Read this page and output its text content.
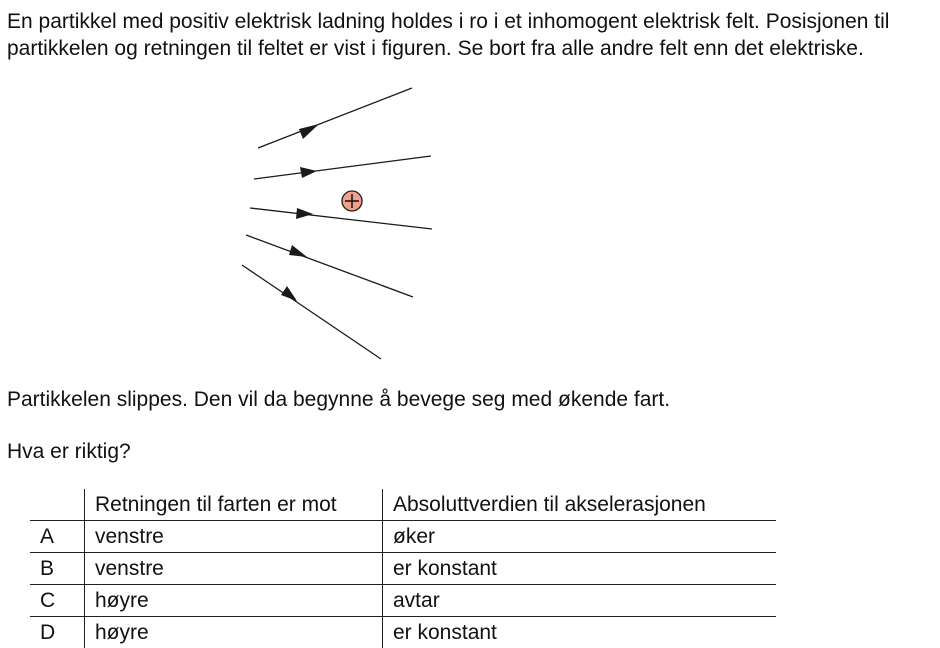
En partikkel med positiv elektrisk ladning holdes i ro i et inhomogent elektrisk felt. Posisjonen til
partikkelen og retningen til feltet er vist i figuren. Se bort fra alle andre felt enn det elektriske.

Partikkelen slippes. Den vil da begynne å bevege seg med økende fart.

Hva er riktig?

	Retningen til farten er mot	Absoluttverdien til akselerasjonen
A	venstre	øker
B	venstre	er konstant
C	høyre	avtar
D	høyre	er konstant
